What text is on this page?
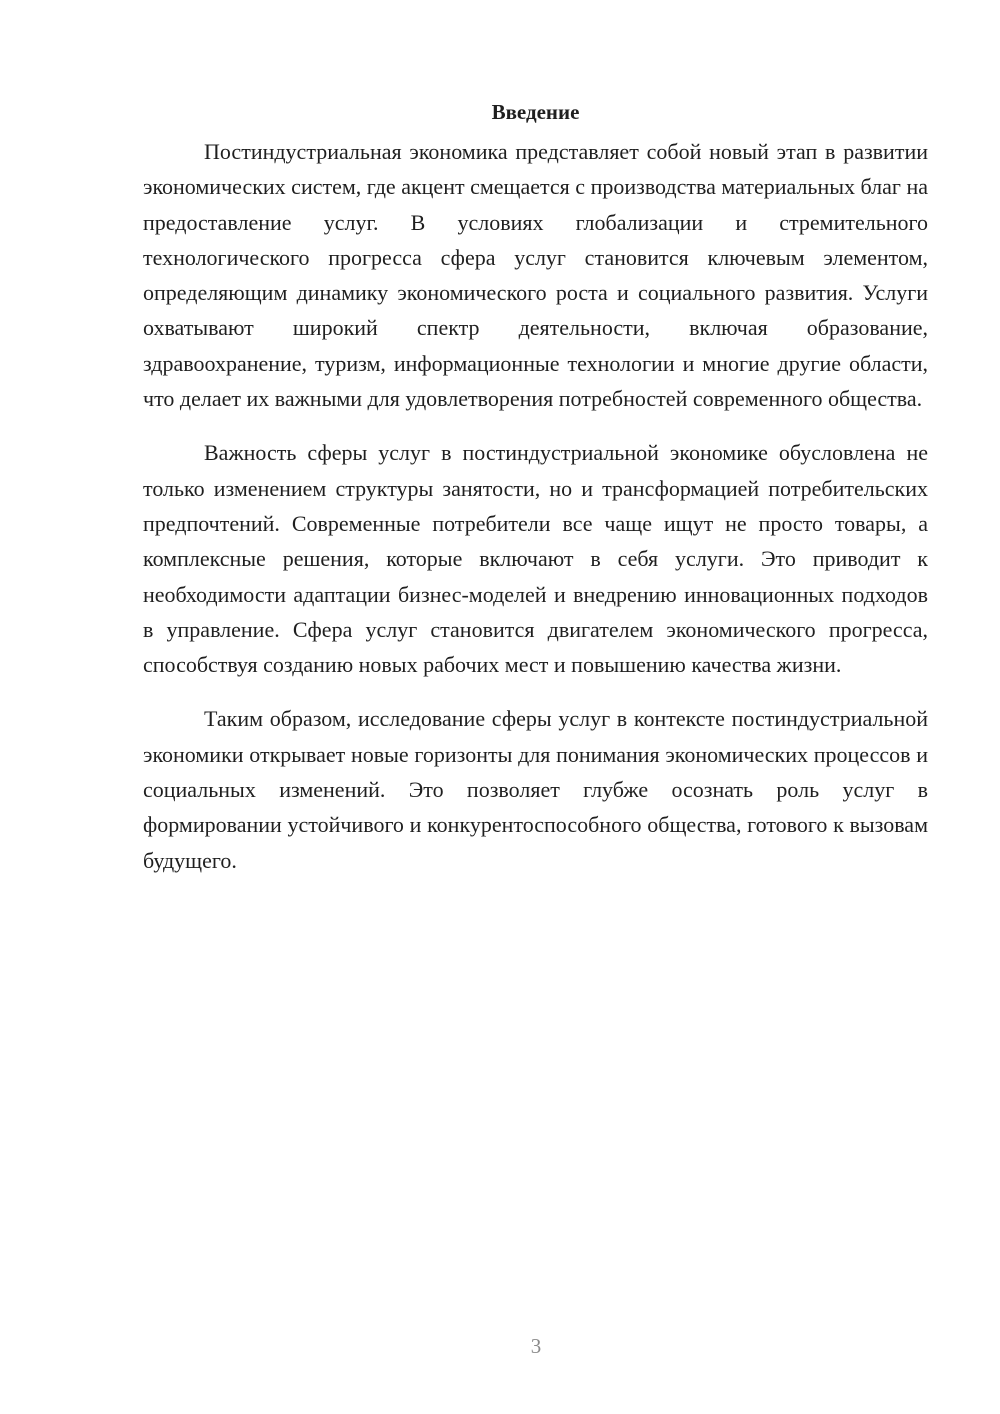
Введение

Постиндустриальная экономика представляет собой новый этап в развитии экономических систем, где акцент смещается с производства материальных благ на предоставление услуг. В условиях глобализации и стремительного технологического прогресса сфера услуг становится ключевым элементом, определяющим динамику экономического роста и социального развития. Услуги охватывают широкий спектр деятельности, включая образование, здравоохранение, туризм, информационные технологии и многие другие области, что делает их важными для удовлетворения потребностей современного общества.

Важность сферы услуг в постиндустриальной экономике обусловлена не только изменением структуры занятости, но и трансформацией потребительских предпочтений. Современные потребители все чаще ищут не просто товары, а комплексные решения, которые включают в себя услуги. Это приводит к необходимости адаптации бизнес-моделей и внедрению инновационных подходов в управление. Сфера услуг становится двигателем экономического прогресса, способствуя созданию новых рабочих мест и повышению качества жизни.

Таким образом, исследование сферы услуг в контексте постиндустриальной экономики открывает новые горизонты для понимания экономических процессов и социальных изменений. Это позволяет глубже осознать роль услуг в формировании устойчивого и конкурентоспособного общества, готового к вызовам будущего.

3
